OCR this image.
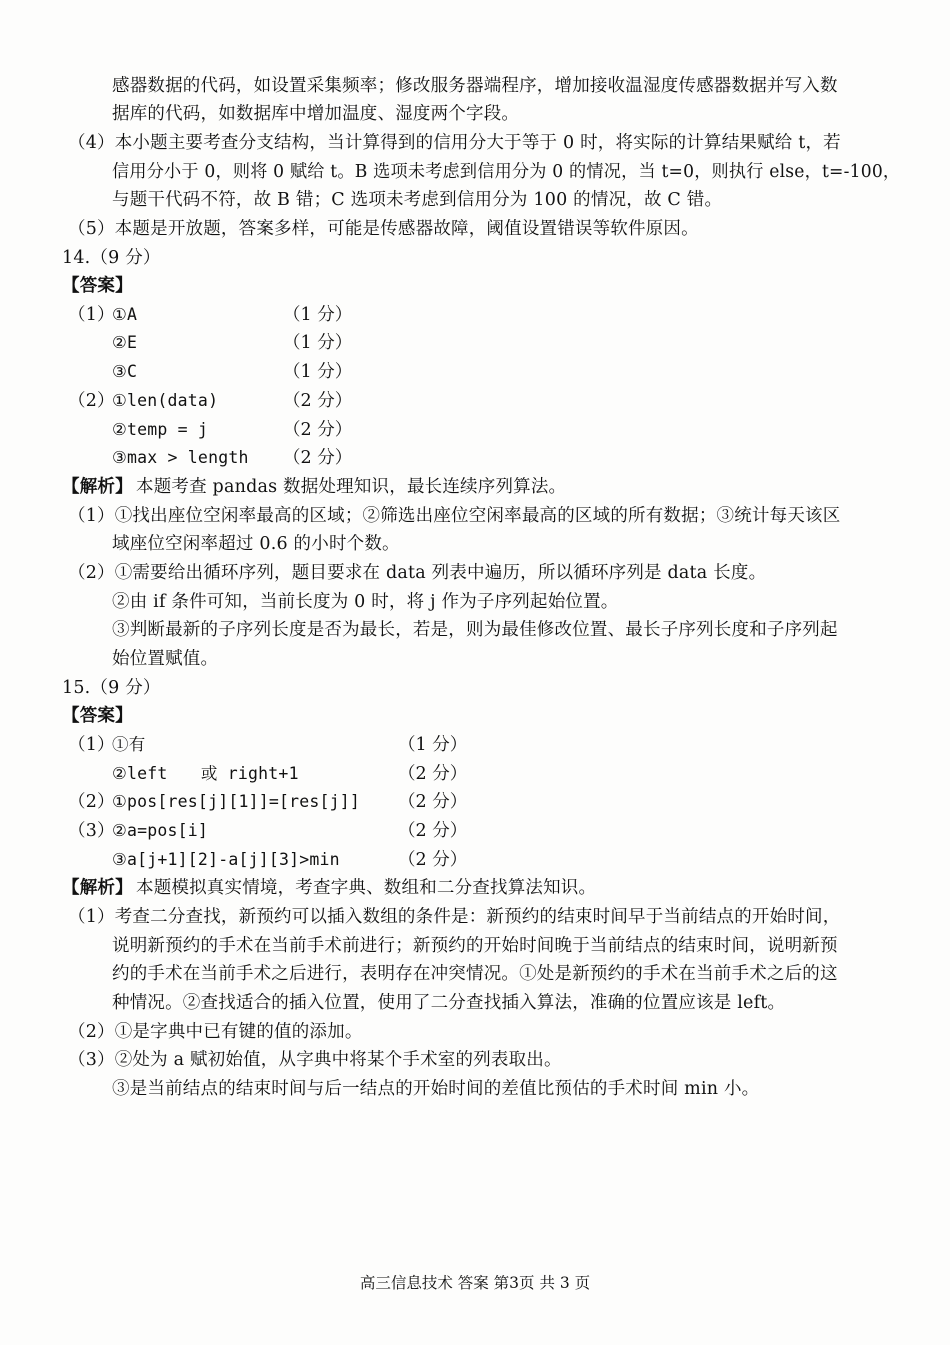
感器数据的代码，如设置采集频率；修改服务器端程序，增加接收温湿度传感器数据并写入数
据库的代码，如数据库中增加温度、湿度两个字段。
（4）本小题主要考查分支结构，当计算得到的信用分大于等于 0 时，将实际的计算结果赋给 t，若
信用分小于 0，则将 0 赋给 t。B 选项未考虑到信用分为 0 的情况，当 t=0，则执行 else，t=-100，
与题干代码不符，故 B 错；C 选项未考虑到信用分为 100 的情况，故 C 错。
（5）本题是开放题，答案多样，可能是传感器故障，阈值设置错误等软件原因。
14.（9 分）
【答案】
（1）
①A	（1 分）
②E	（1 分）
③C	（1 分）
（2）
①len(data)	（2 分）
②temp = j	（2 分）
③max > length （2 分）
【解析】 本题考查 pandas 数据处理知识，最长连续序列算法。
（1）①找出座位空闲率最高的区域；②筛选出座位空闲率最高的区域的所有数据；③统计每天该区
域座位空闲率超过 0.6 的小时个数。
（2）①需要给出循环序列，题目要求在 data 列表中遍历，所以循环序列是 data 长度。
②由 if 条件可知，当前长度为 0 时，将 j 作为子序列起始位置。
③判断最新的子序列长度是否为最长，若是，则为最佳修改位置、最长子序列长度和子序列起
始位置赋值。
15.（9 分）
【答案】
（1）
①有	（1 分）
②left　　或 right+1	（2 分）
（2）
①pos[res[j][1]]=[res[j]] （2 分）
（3）
②a=pos[i]	（2 分）
③a[j+1][2]-a[j][3]>min	（2 分）
【解析】 本题模拟真实情境，考查字典、数组和二分查找算法知识。
（1）考查二分查找，新预约可以插入数组的条件是：新预约的结束时间早于当前结点的开始时间，
说明新预约的手术在当前手术前进行；新预约的开始时间晚于当前结点的结束时间，说明新预
约的手术在当前手术之后进行，表明存在冲突情况。①处是新预约的手术在当前手术之后的这
种情况。②查找适合的插入位置，使用了二分查找插入算法，准确的位置应该是 left。
（2）①是字典中已有键的值的添加。
（3）②处为 a 赋初始值，从字典中将某个手术室的列表取出。
③是当前结点的结束时间与后一结点的开始时间的差值比预估的手术时间 min 小。
高三信息技术 答案 第3页 共 3 页
